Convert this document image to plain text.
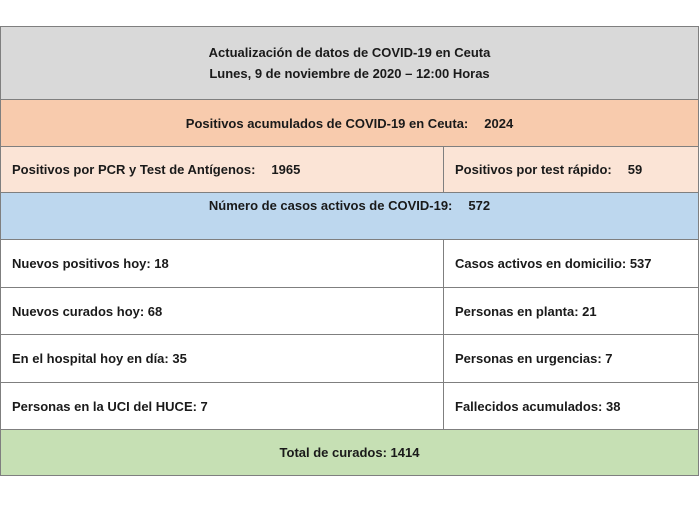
Actualización de datos de COVID-19 en Ceuta
Lunes, 9 de noviembre de 2020 – 12:00 Horas
Positivos acumulados de COVID-19 en Ceuta: 2024
Positivos por PCR y Test de Antígenos: 1965	Positivos por test rápido: 59
Número de casos activos de COVID-19: 572
Nuevos positivos hoy: 18	Casos activos en domicilio: 537
Nuevos curados hoy: 68	Personas en planta: 21
En el hospital hoy en día: 35	Personas en urgencias: 7
Personas en la UCI del HUCE: 7	Fallecidos acumulados: 38
Total de curados: 1414
